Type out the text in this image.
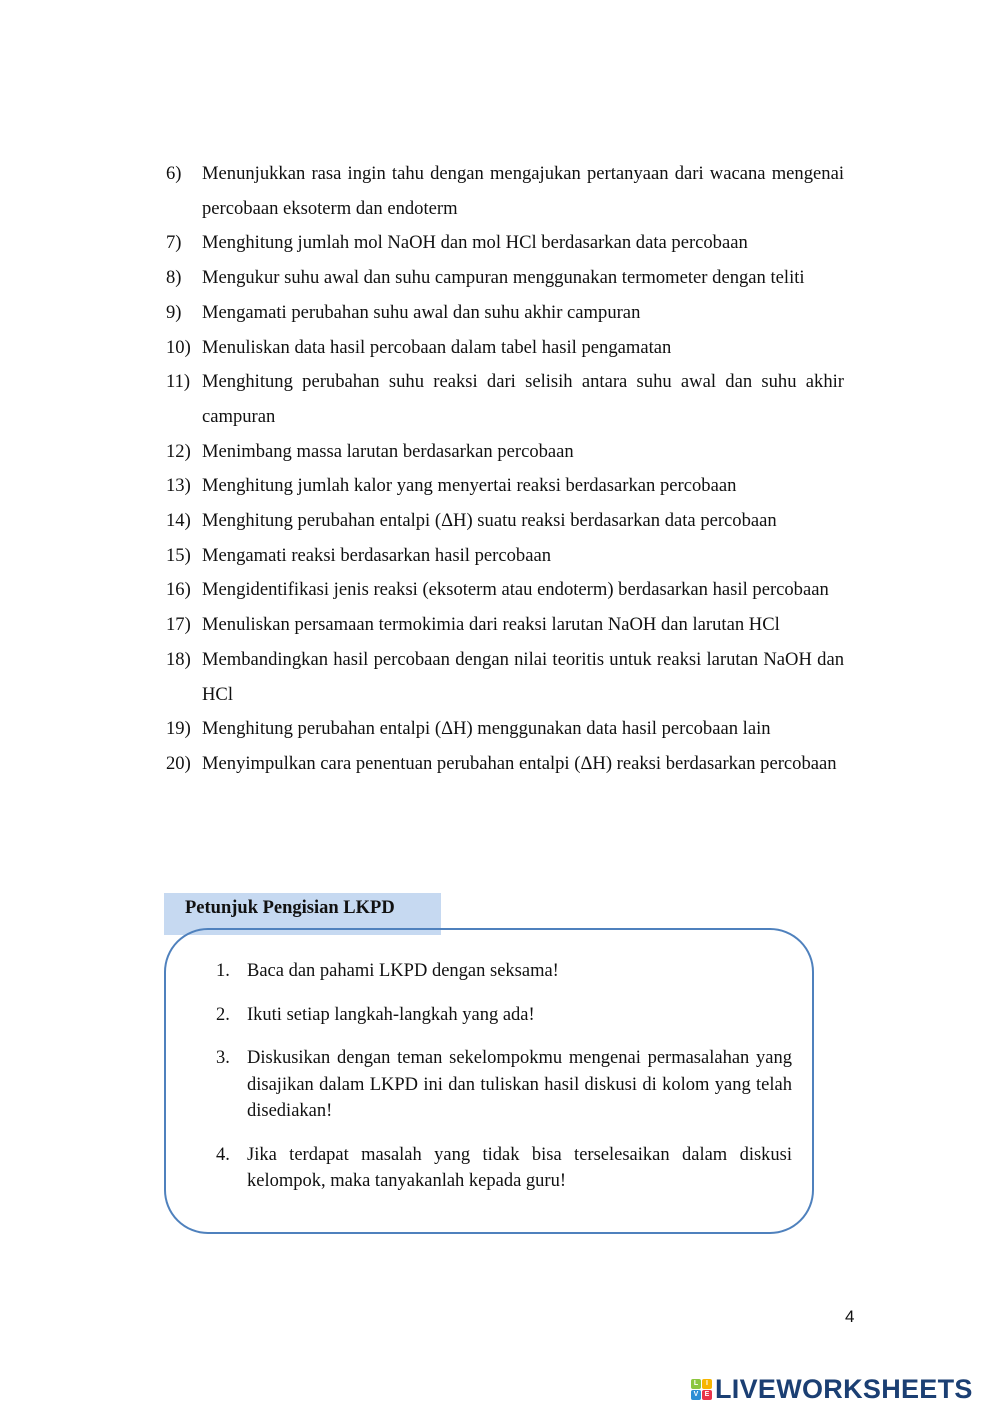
6)	Menunjukkan rasa ingin tahu dengan mengajukan pertanyaan dari wacana mengenai percobaan eksoterm dan endoterm
7)	Menghitung jumlah mol NaOH dan mol HCl berdasarkan data percobaan
8)	Mengukur suhu awal dan suhu campuran menggunakan termometer dengan teliti
9)	Mengamati perubahan suhu awal dan suhu akhir campuran
10) Menuliskan data hasil percobaan dalam tabel hasil pengamatan
11) Menghitung perubahan suhu reaksi dari selisih antara suhu awal dan suhu akhir campuran
12) Menimbang massa larutan berdasarkan percobaan
13) Menghitung jumlah kalor yang menyertai reaksi berdasarkan percobaan
14) Menghitung perubahan entalpi (ΔH) suatu reaksi berdasarkan data percobaan
15) Mengamati reaksi berdasarkan hasil percobaan
16) Mengidentifikasi jenis reaksi (eksoterm atau endoterm) berdasarkan hasil percobaan
17) Menuliskan persamaan termokimia dari reaksi larutan NaOH dan larutan HCl
18) Membandingkan hasil percobaan dengan nilai teoritis untuk reaksi larutan NaOH dan HCl
19) Menghitung perubahan entalpi (ΔH) menggunakan data hasil percobaan lain
20) Menyimpulkan cara penentuan perubahan entalpi (ΔH) reaksi berdasarkan percobaan
Petunjuk Pengisian LKPD
1. Baca dan pahami LKPD dengan seksama!
2. Ikuti setiap langkah-langkah yang ada!
3. Diskusikan dengan teman sekelompokmu mengenai permasalahan yang disajikan dalam LKPD ini dan tuliskan hasil diskusi di kolom yang telah disediakan!
4. Jika terdapat masalah yang tidak bisa terselesaikan dalam diskusi kelompok, maka tanyakanlah kepada guru!
4
L	I
V E LIVEWORKSHEETS
